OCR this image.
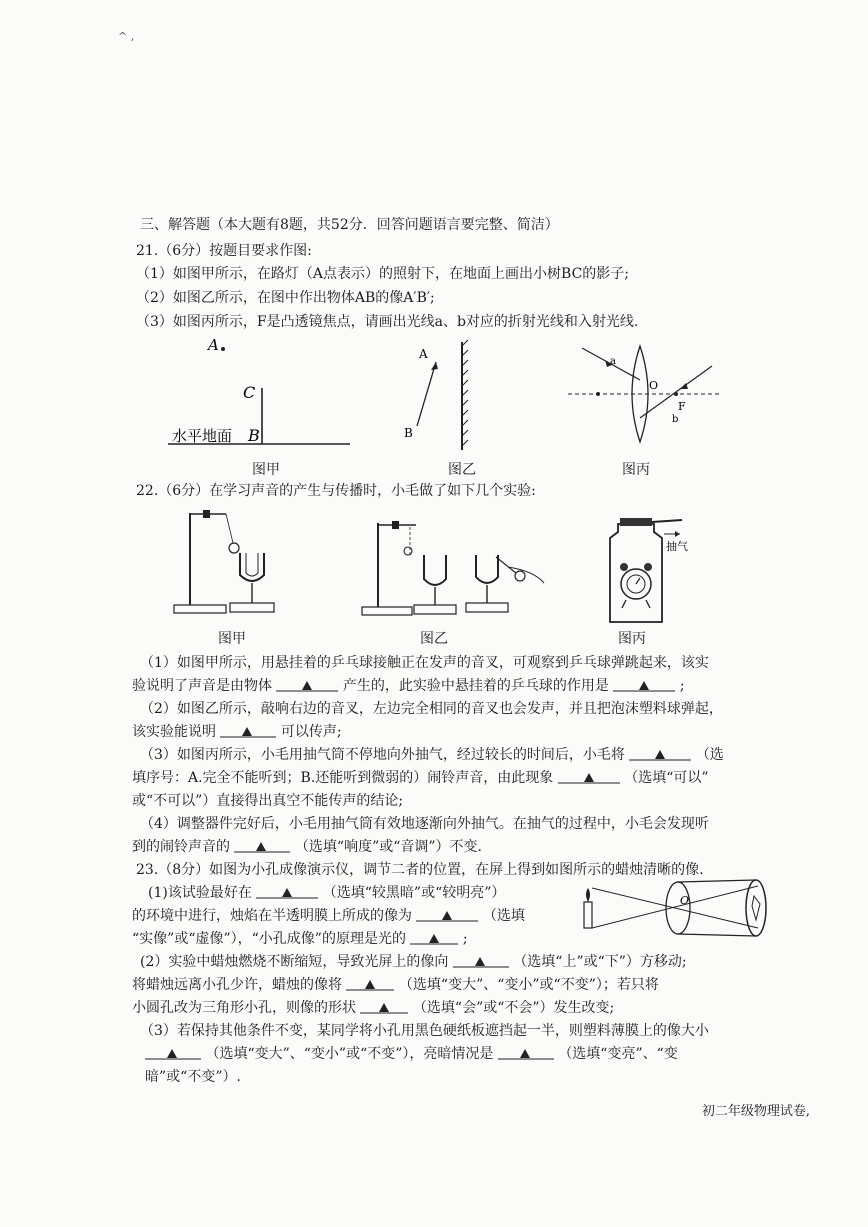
^ ,
三、解答题（本大题有8题，共52分．回答问题语言要完整、简洁）
21.（6分）按题目要求作图:
（1）如图甲所示，在路灯（A点表示）的照射下，在地面上画出小树BC的影子;
（2）如图乙所示，在图中作出物体AB的像A′B′;
（3）如图丙所示，F是凸透镜焦点，请画出光线a、b对应的折射光线和入射光线.
A
C
B
水平地面
图甲
A
B
图乙
a
b
O
F
图丙
22.（6分）在学习声音的产生与传播时，小毛做了如下几个实验:
图甲	图乙
抽气
图丙
（1）如图甲所示，用悬挂着的乒乓球接触正在发声的音叉，可观察到乒乓球弹跳起来，该实
验说明了声音是由物体	产生的，此实验中悬挂着的乒乓球的作用是	;
（2）如图乙所示，敲响右边的音叉，左边完全相同的音叉也会发声，并且把泡沫塑料球弹起，
该实验能说明	可以传声;
（3）如图丙所示，小毛用抽气筒不停地向外抽气，经过较长的时间后，小毛将	（选
填序号：A.完全不能听到；B.还能听到微弱的）闹铃声音，由此现象	（选填“可以”
或“不可以”）直接得出真空不能传声的结论;
（4）调整器件完好后，小毛用抽气筒有效地逐渐向外抽气。在抽气的过程中，小毛会发现听
到的闹铃声音的	（选填“响度”或“音调”）不变.
23.（8分）如图为小孔成像演示仪，调节二者的位置，在屏上得到如图所示的蜡烛清晰的像.
O
(1)该试验最好在	（选填“较黑暗”或“较明亮”）
的环境中进行，烛焰在半透明膜上所成的像为	（选填
“实像”或“虚像”），“小孔成像”的原理是光的	;
(2）实验中蜡烛燃烧不断缩短，导致光屏上的像向	（选填“上”或“下”）方移动;
将蜡烛远离小孔少许，蜡烛的像将	（选填“变大”、“变小”或“不变”）；若只将
小圆孔改为三角形小孔，则像的形状	（选填“会”或“不会”）发生改变;
（3）若保持其他条件不变，某同学将小孔用黑色硬纸板遮挡起一半，则塑料薄膜上的像大小
（选填“变大”、“变小”或“不变”），亮暗情况是	（选填“变亮”、“变
暗”或“不变”）.
初二年级物理试卷,
